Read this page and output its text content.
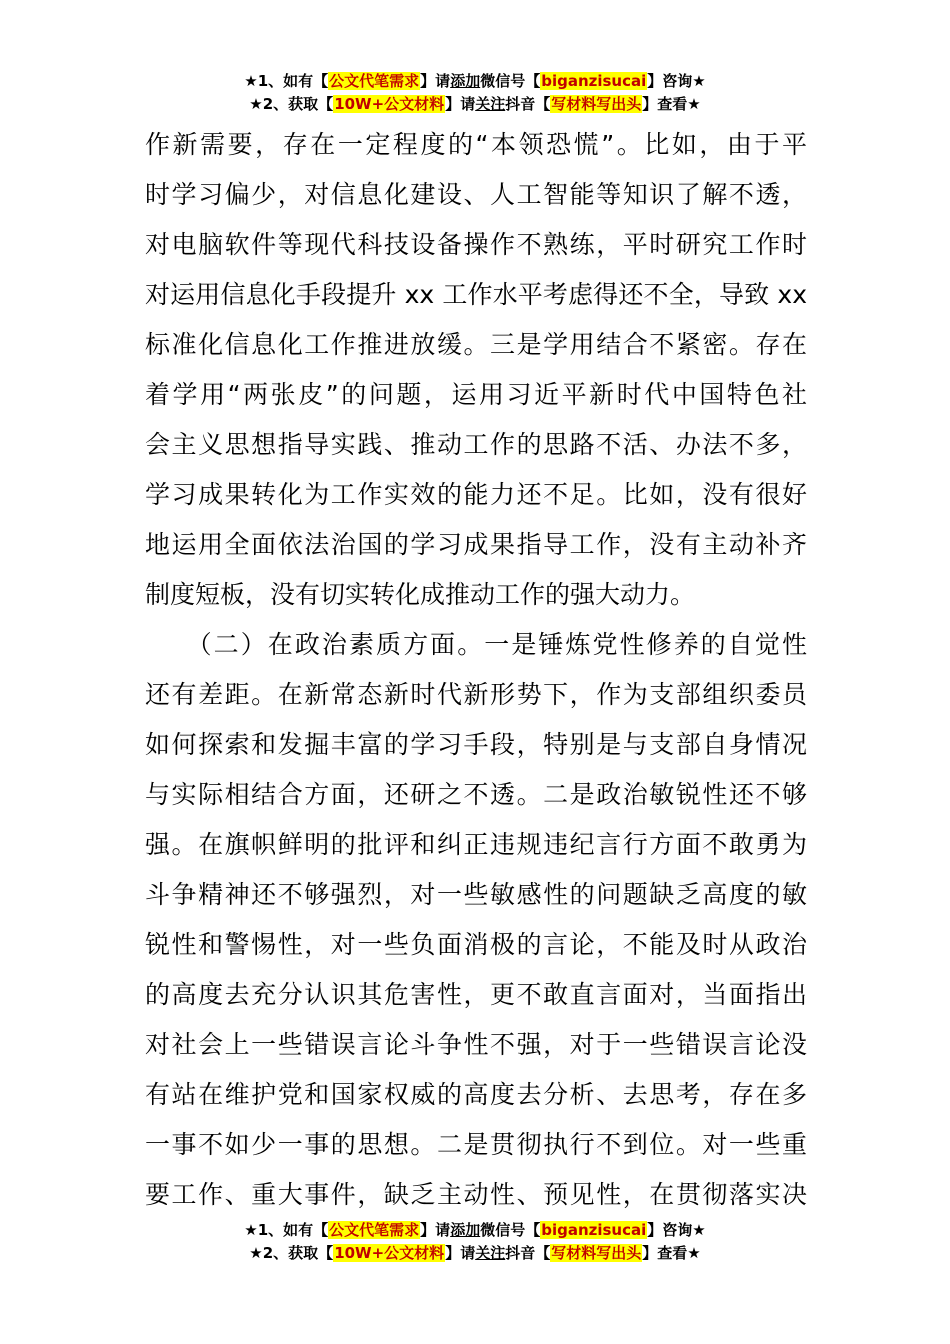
★1、如有【公文代笔需求】请添加微信号【biganzisucai】咨询★
★2、获取【10W+公文材料】请关注抖音【写材料写出头】查看★
作新需要，存在一定程度的“本领恐慌”。比如，由于平
时学习偏少，对信息化建设、人工智能等知识了解不透，
对电脑软件等现代科技设备操作不熟练，平时研究工作时
对运用信息化手段提升 xx 工作水平考虑得还不全，导致 xx
标准化信息化工作推进放缓。三是学用结合不紧密。存在
着学用“两张皮”的问题，运用习近平新时代中国特色社
会主义思想指导实践、推动工作的思路不活、办法不多，
学习成果转化为工作实效的能力还不足。比如，没有很好
地运用全面依法治国的学习成果指导工作，没有主动补齐
制度短板，没有切实转化成推动工作的强大动力。
　　（二）在政治素质方面。一是锤炼党性修养的自觉性
还有差距。在新常态新时代新形势下，作为支部组织委员
如何探索和发掘丰富的学习手段，特别是与支部自身情况
与实际相结合方面，还研之不透。二是政治敏锐性还不够
强。在旗帜鲜明的批评和纠正违规违纪言行方面不敢勇为
斗争精神还不够强烈，对一些敏感性的问题缺乏高度的敏
锐性和警惕性，对一些负面消极的言论，不能及时从政治
的高度去充分认识其危害性，更不敢直言面对，当面指出
对社会上一些错误言论斗争性不强，对于一些错误言论没
有站在维护党和国家权威的高度去分析、去思考，存在多
一事不如少一事的思想。二是贯彻执行不到位。对一些重
要工作、重大事件，缺乏主动性、预见性，在贯彻落实决
★1、如有【公文代笔需求】请添加微信号【biganzisucai】咨询★
★2、获取【10W+公文材料】请关注抖音【写材料写出头】查看★
